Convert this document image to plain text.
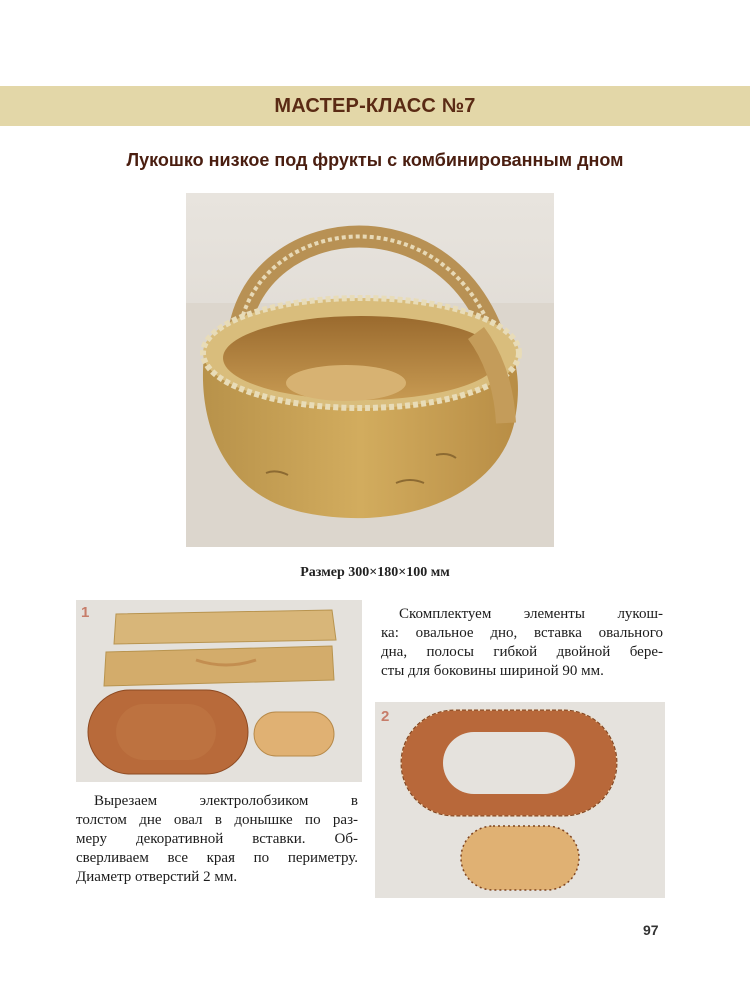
МАСТЕР-КЛАСС №7
Лукошко низкое под фрукты с комбинированным дном
Размер 300×180×100 мм
1
Вырезаем электролобзиком в
толстом дне овал в донышке по раз-
меру декоративной вставки. Об-
сверливаем все края по периметру.
Диаметр отверстий 2 мм.
Скомплектуем элементы лукош-
ка: овальное дно, вставка овального
дна, полосы гибкой двойной бере-
сты для боковины шириной 90 мм.
2
97
